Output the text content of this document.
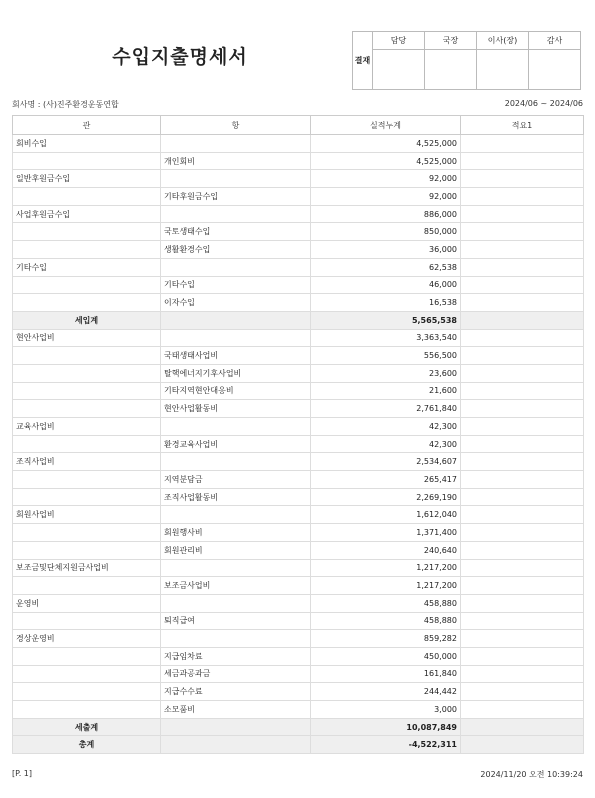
수입지출명세서	결재	담당	국장	이사(장)	감사

회사명 : (사)진주환경운동연합	2024/06 ~ 2024/06
관	항	실적누계	적요1
회비수입		4,525,000	
	개인회비	4,525,000	
일반후원금수입		92,000	
	기타후원금수입	92,000	
사업후원금수입		886,000	
	국토생태수입	850,000	
	생활환경수입	36,000	
기타수입		62,538	
	기타수입	46,000	
	이자수입	16,538	
세입계		5,565,538	
현안사업비		3,363,540	
	국태생태사업비	556,500	
	탈핵에너지기후사업비	23,600	
	기타지역현안대응비	21,600	
	현안사업활동비	2,761,840	
교육사업비		42,300	
	환경교육사업비	42,300	
조직사업비		2,534,607	
	지역분담금	265,417	
	조직사업활동비	2,269,190	
회원사업비		1,612,040	
	회원행사비	1,371,400	
	회원관리비	240,640	
보조금및단체지원금사업비		1,217,200	
	보조금사업비	1,217,200	
운영비		458,880	
	퇴직급여	458,880	
경상운영비		859,282	
	지급임차료	450,000	
	세금과공과금	161,840	
	지급수수료	244,442	
	소모품비	3,000	
세출계		10,087,849	
총계		-4,522,311	
[P. 1]	2024/11/20 오전 10:39:24
